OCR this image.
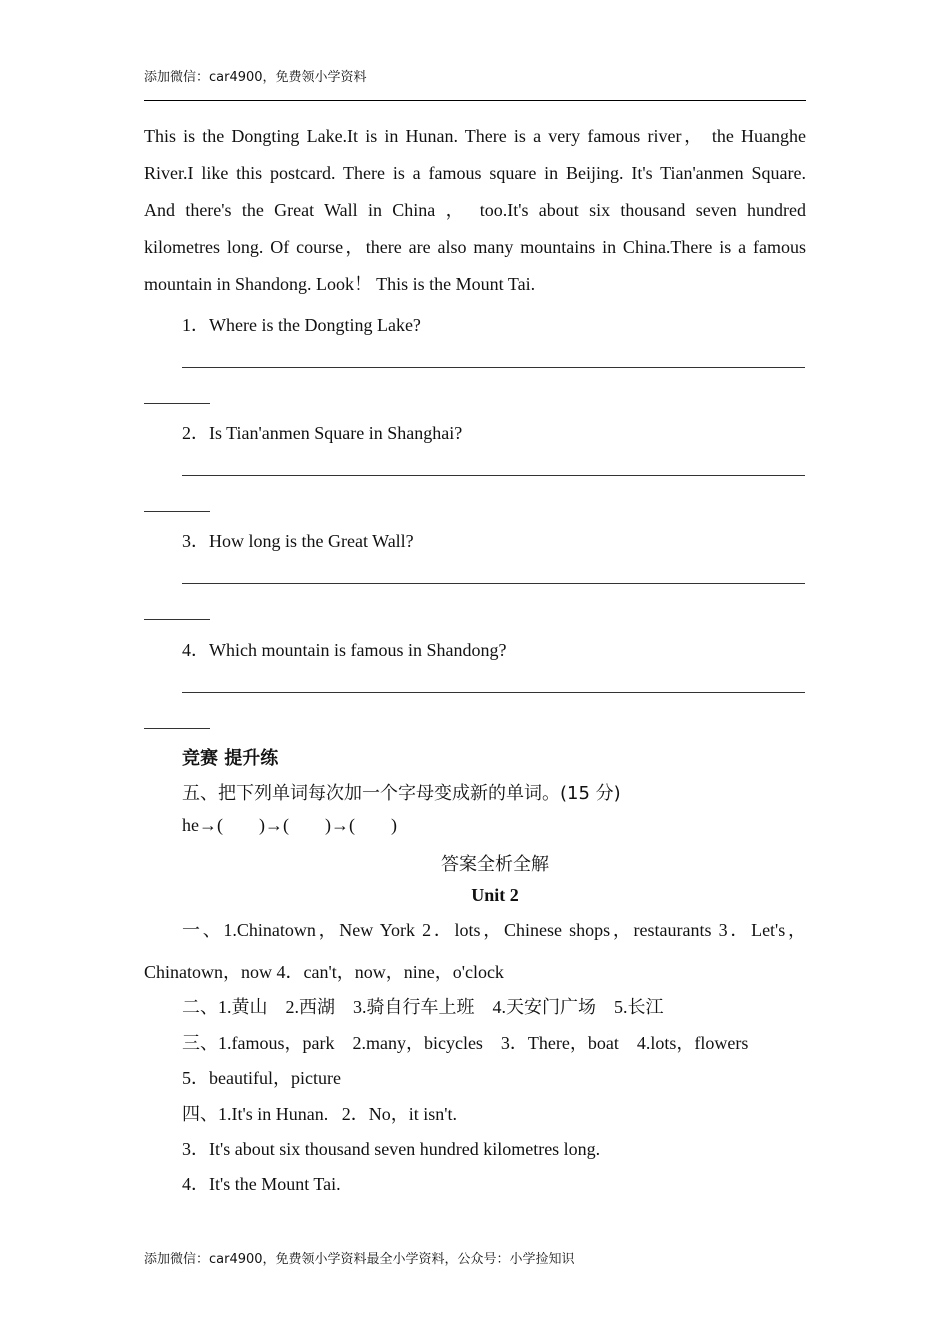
添加微信：car4900，免费领小学资料
This is the Dongting Lake.It is in Hunan. There is a very famous river， the Huanghe
River.I like this postcard. There is a famous square in Beijing. It's Tian'anmen Square.
And there's the Great Wall in China ， too.It's about six thousand seven hundred
kilometres long. Of course，there are also many mountains in China.There is a famous
mountain in Shandong. Look！ This is the Mount Tai.
1．Where is the Dongting Lake?
2．Is Tian'anmen Square in Shanghai?
3．How long is the Great Wall?
4．Which mountain is famous in Shandong?
竞赛 提升练
五、把下列单词每次加一个字母变成新的单词。(15 分)
he→(        )→(        )→(        )
答案全析全解
Unit 2
一、1.Chinatown，New York 2．lots，Chinese shops，restaurants 3．Let's，
Chinatown，now 4．can't，now，nine，o'clock
二、1.黄山    2.西湖    3.骑自行车上班    4.天安门广场    5.长江
三、1.famous，park    2.many，bicycles    3．There，boat    4.lots，flowers
5．beautiful，picture
四、1.It's in Hunan.   2．No，it isn't.
3．It's about six thousand seven hundred kilometres long.
4．It's the Mount Tai.
添加微信：car4900，免费领小学资料最全小学资料，公众号：小学捡知识
